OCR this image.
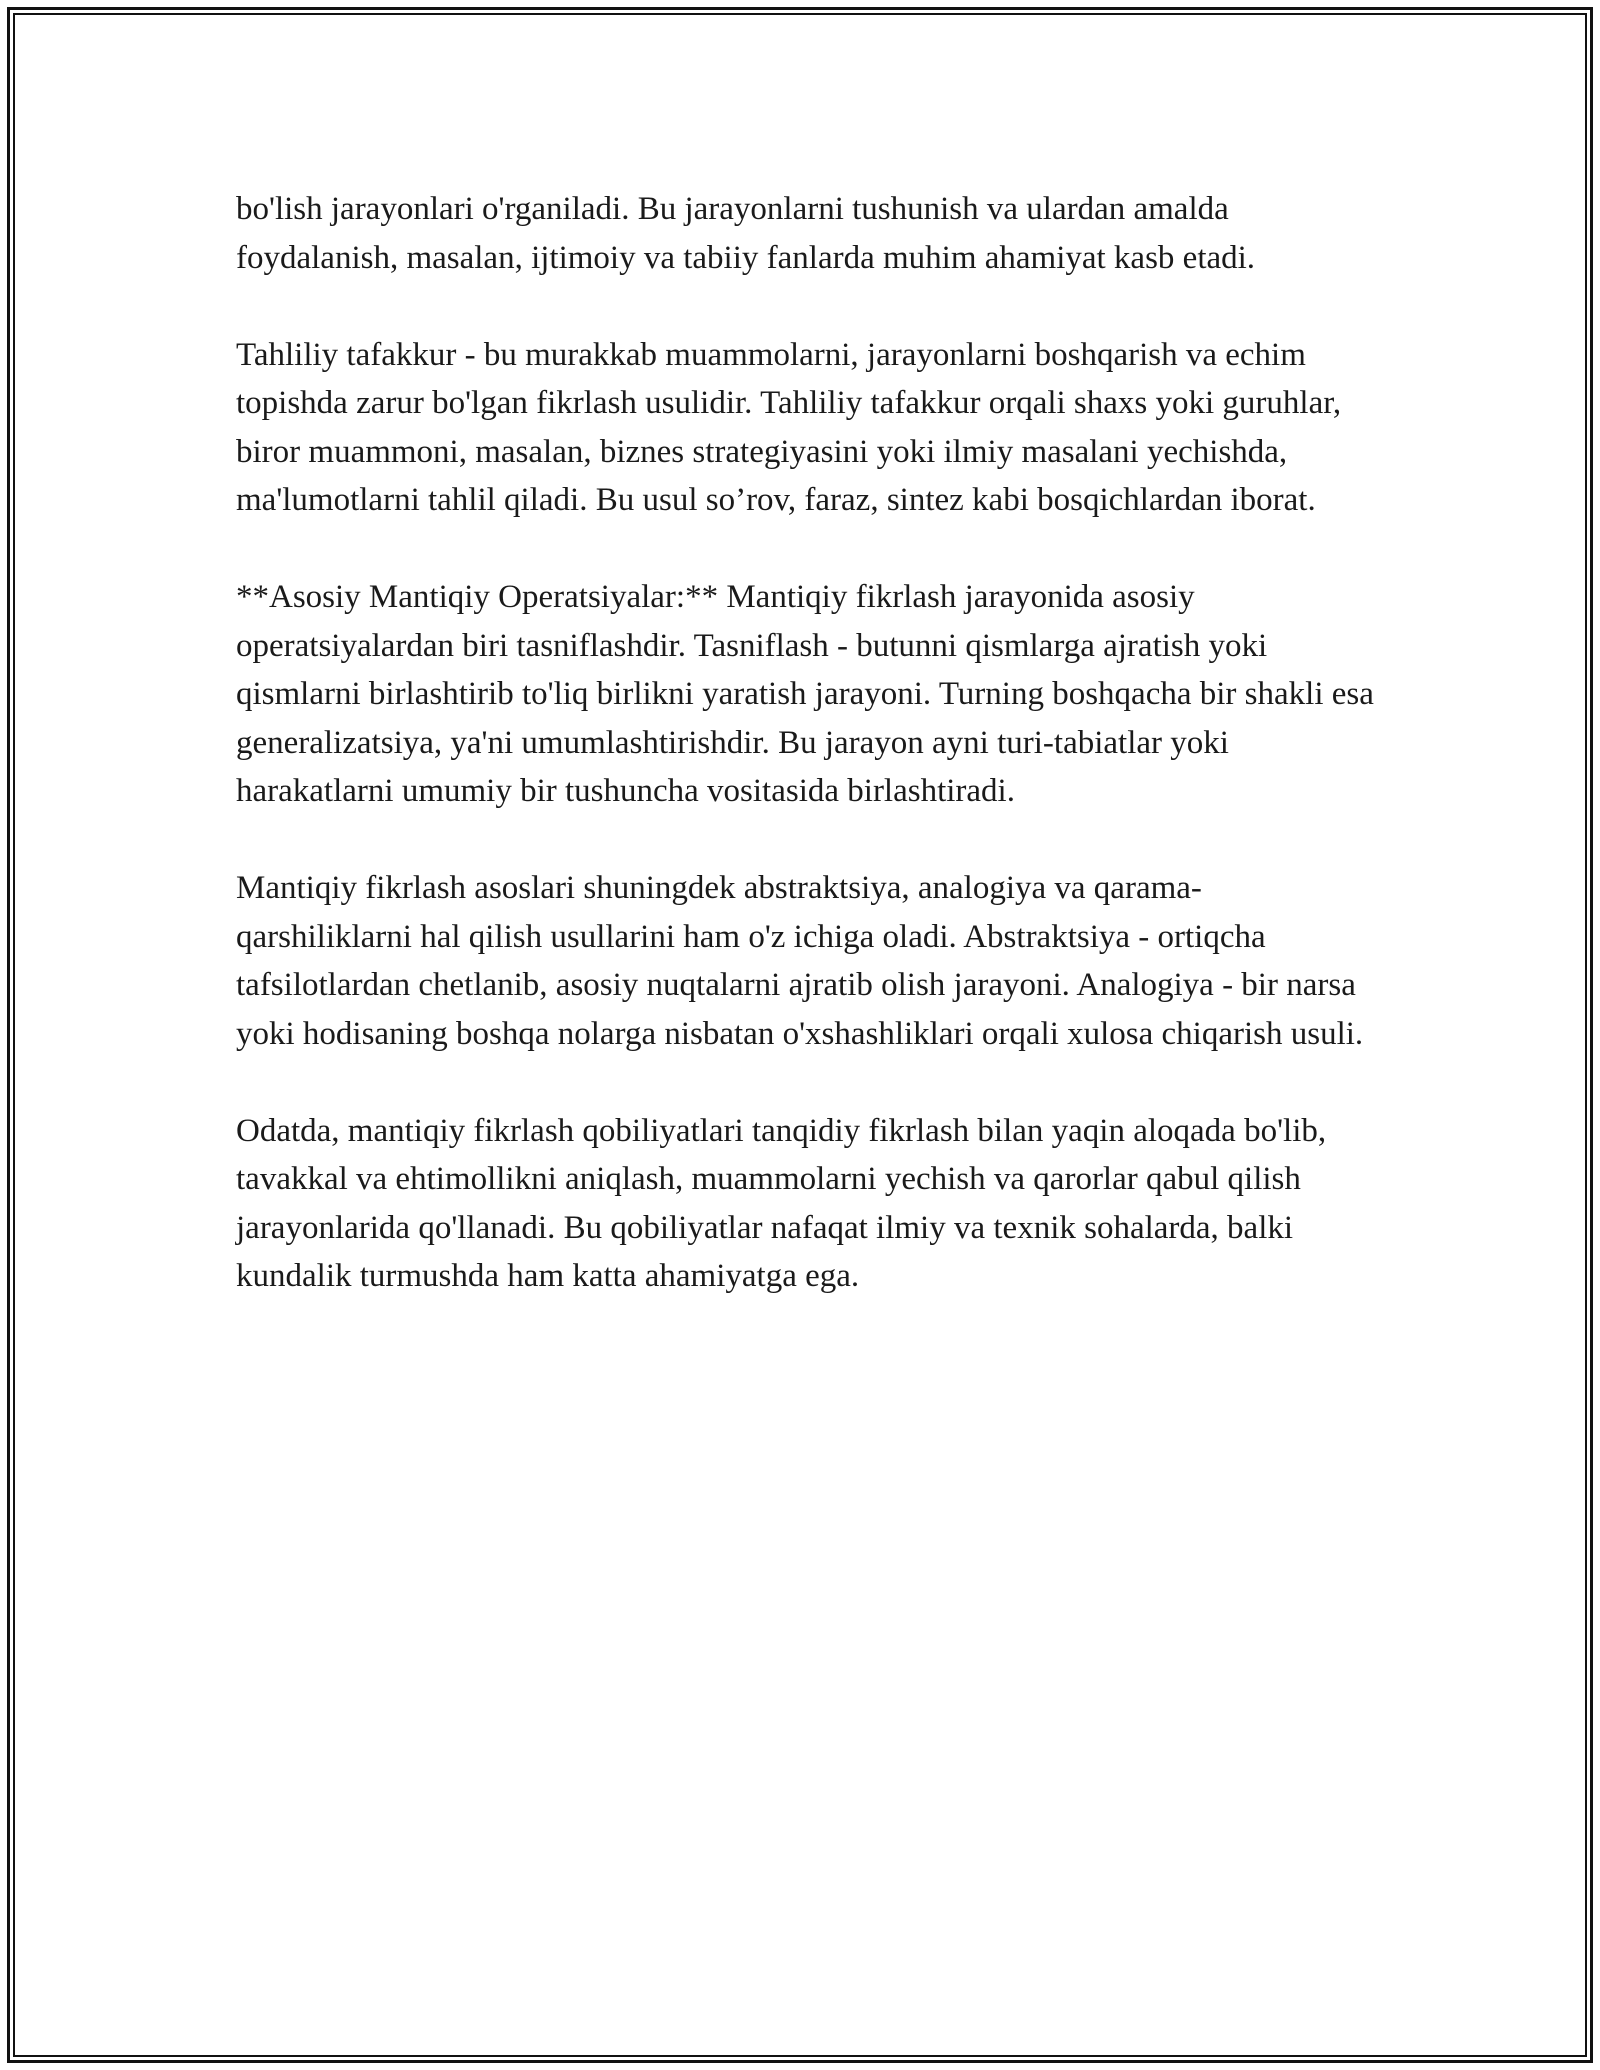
bo'lish jarayonlari o'rganiladi. Bu jarayonlarni tushunish va ulardan amalda foydalanish, masalan, ijtimoiy va tabiiy fanlarda muhim ahamiyat kasb etadi.

Tahliliy tafakkur - bu murakkab muammolarni, jarayonlarni boshqarish va echim topishda zarur bo'lgan fikrlash usulidir. Tahliliy tafakkur orqali shaxs yoki guruhlar, biror muammoni, masalan, biznes strategiyasini yoki ilmiy masalani yechishda, ma'lumotlarni tahlil qiladi. Bu usul so’rov, faraz, sintez kabi bosqichlardan iborat.

**Asosiy Mantiqiy Operatsiyalar:** Mantiqiy fikrlash jarayonida asosiy operatsiyalardan biri tasniflashdir. Tasniflash - butunni qismlarga ajratish yoki qismlarni birlashtirib to'liq birlikni yaratish jarayoni. Turning boshqacha bir shakli esa generalizatsiya, ya'ni umumlashtirishdir. Bu jarayon ayni turi-tabiatlar yoki harakatlarni umumiy bir tushuncha vositasida birlashtiradi.

Mantiqiy fikrlash asoslari shuningdek abstraktsiya, analogiya va qarama-qarshiliklarni hal qilish usullarini ham o'z ichiga oladi. Abstraktsiya - ortiqcha tafsilotlardan chetlanib, asosiy nuqtalarni ajratib olish jarayoni. Analogiya - bir narsa yoki hodisaning boshqa nolarga nisbatan o'xshashliklari orqali xulosa chiqarish usuli.

Odatda, mantiqiy fikrlash qobiliyatlari tanqidiy fikrlash bilan yaqin aloqada bo'lib, tavakkal va ehtimollikni aniqlash, muammolarni yechish va qarorlar qabul qilish jarayonlarida qo'llanadi. Bu qobiliyatlar nafaqat ilmiy va texnik sohalarda, balki kundalik turmushda ham katta ahamiyatga ega.
